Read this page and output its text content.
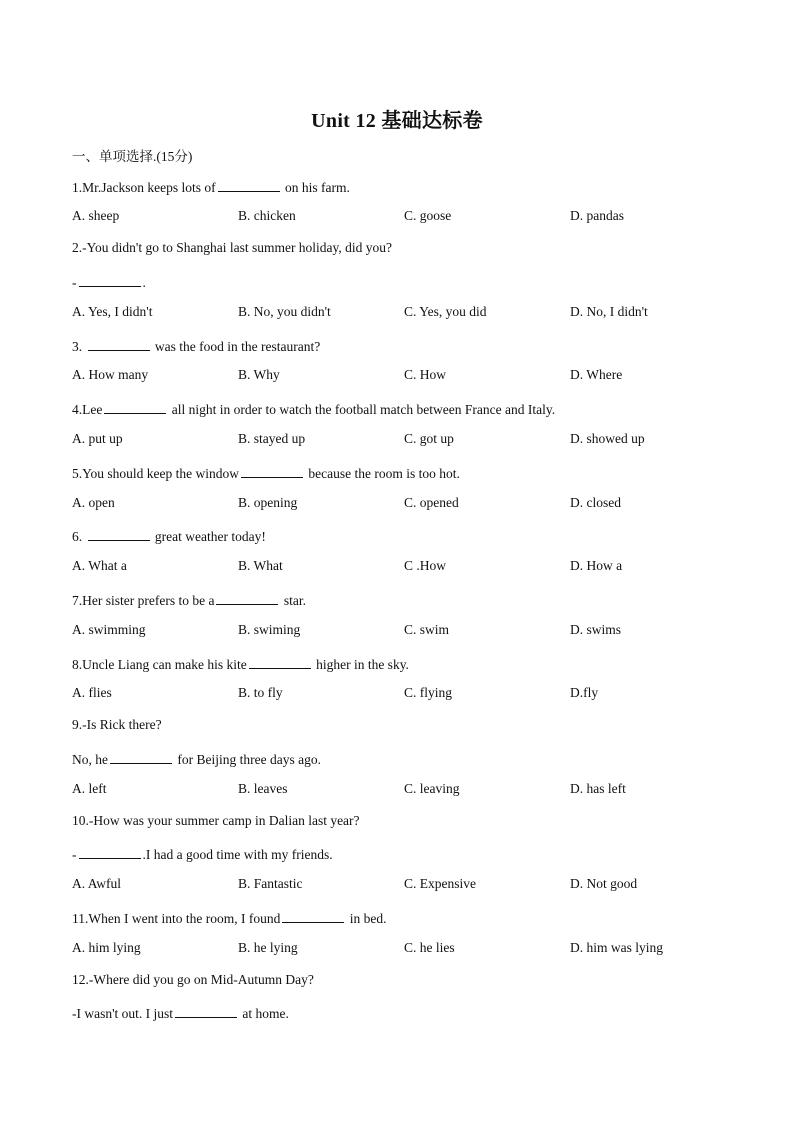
Unit 12 基础达标卷
一、单项选择.(15分)
1.Mr.Jackson keeps lots of	on his farm.
A. sheep	B. chicken	C. goose	D. pandas
2.-You didn't go to Shanghai last summer holiday, did you?
-	.
A. Yes, I didn't	B. No, you didn't	C. Yes, you did	D. No, I didn't
3.	was the food in the restaurant?
A. How many	B. Why	C. How	D. Where
4.Lee	all night in order to watch the football match between France and Italy.
A. put up	B. stayed up	C. got up	D. showed up
5.You should keep the window	because the room is too hot.
A. open	B. opening	C. opened	D. closed
6.	great weather today!
A. What a	B. What	C .How	D. How a
7.Her sister prefers to be a	star.
A. swimming	B. swiming	C. swim	D. swims
8.Uncle Liang can make his kite	higher in the sky.
A. flies	B. to fly	C. flying	D.fly
9.-Is Rick there?
No, he	for Beijing three days ago.
A. left	B. leaves	C. leaving	D. has left
10.-How was your summer camp in Dalian last year?
-	.I had a good time with my friends.
A. Awful	B. Fantastic	C. Expensive	D. Not good
11.When I went into the room, I found	in bed.
A. him lying	B. he lying	C. he lies	D. him was lying
12.-Where did you go on Mid-Autumn Day?
-I wasn't out. I just	at home.
